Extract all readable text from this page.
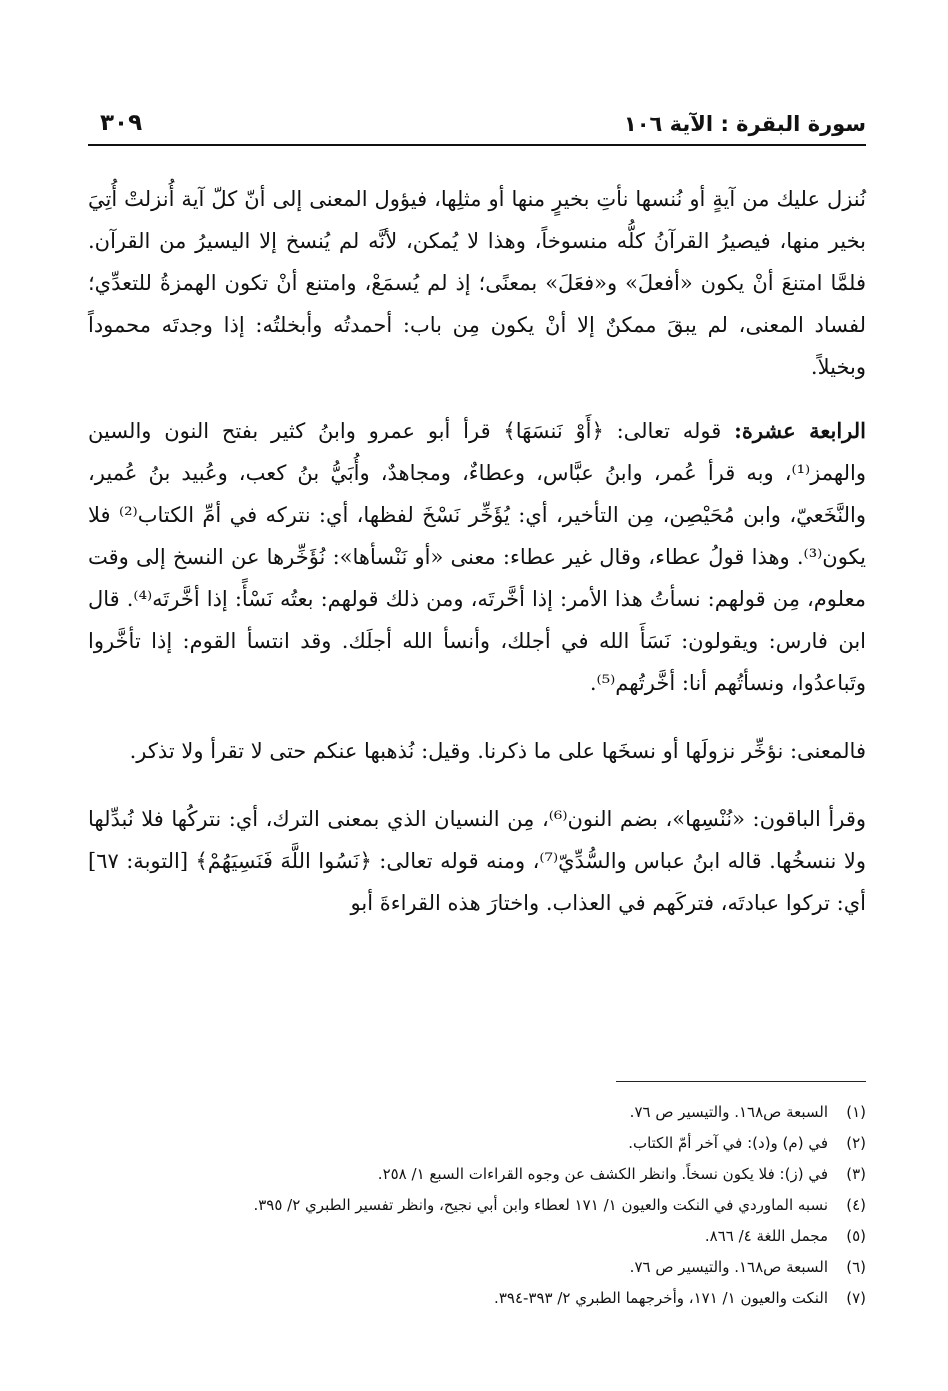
سورة البقرة : الآية ١٠٦
٣٠٩

نُنزل عليك من آيةٍ أو نُنسها نأتِ بخيرٍ منها أو مثلِها، فيؤول المعنى إلى أنّ كلّ آية أُنزلتْ أُتِيَ بخير منها، فيصيرُ القرآنُ كلُّه منسوخاً، وهذا لا يُمكن، لأنَّه لم يُنسخ إلا اليسيرُ من القرآن. فلمَّا امتنعَ أنْ يكون «أفعلَ» و«فعَلَ» بمعنًى؛ إذ لم يُسمَعْ، وامتنع أنْ تكون الهمزةُ للتعدِّي؛ لفساد المعنى، لم يبقَ ممكنٌ إلا أنْ يكون مِن باب: أحمدتُه وأبخلتُه: إذا وجدتَه محموداً وبخيلاً.

الرابعة عشرة: قوله تعالى: ﴿أَوْ نَنسَهَا﴾ قرأ أبو عمرو وابنُ كثير بفتح النون والسين والهمز⁽¹⁾، وبه قرأ عُمر، وابنُ عبَّاس، وعطاءٌ، ومجاهدٌ، وأُبَيُّ بنُ كعب، وعُبيد بنُ عُمير، والنَّخَعيّ، وابن مُحَيْصِن، مِن التأخير، أي: يُؤَخِّر نَسْخَ لفظها، أي: نتركه في أمِّ الكتاب⁽²⁾ فلا يكون⁽³⁾. وهذا قولُ عطاء، وقال غير عطاء: معنى «أو نَنْسأها»: نُؤَخِّرها عن النسخ إلى وقت معلوم، مِن قولهم: نسأتُ هذا الأمر: إذا أخَّرتَه، ومن ذلك قولهم: بعتُه نَسْأً: إذا أخَّرتَه⁽⁴⁾. قال ابن فارس: ويقولون: نَسَأَ الله في أجلك، وأنسأ الله أجلَك. وقد انتسأ القوم: إذا تأخَّروا وتَباعدُوا، ونسأتُهم أنا: أخَّرتُهم⁽⁵⁾.

فالمعنى: نؤخِّر نزولَها أو نسخَها على ما ذكرنا. وقيل: نُذهبها عنكم حتى لا تقرأ ولا تذكر.

وقرأ الباقون: «نُنْسِها»، بضم النون⁽⁶⁾، مِن النسيان الذي بمعنى الترك، أي: نتركُها فلا نُبدِّلها ولا ننسخُها. قاله ابنُ عباس والسُّدِّيّ⁽⁷⁾، ومنه قوله تعالى: ﴿نَسُوا اللَّهَ فَنَسِيَهُمْ﴾ [التوبة: ٦٧] أي: تركوا عبادتَه، فتركَهم في العذاب. واختارَ هذه القراءةَ أبو

(١)
السبعة ص١٦٨. والتيسير ص ٧٦.
(٢)
في (م) و(د): في آخر أمّ الكتاب.
(٣)
في (ز): فلا يكون نسخاً. وانظر الكشف عن وجوه القراءات السبع ١/ ٢٥٨.
(٤)
نسبه الماوردي في النكت والعيون ١/ ١٧١ لعطاء وابن أبي نجيح، وانظر تفسير الطبري ٢/ ٣٩٥.
(٥)
مجمل اللغة ٤/ ٨٦٦.
(٦)
السبعة ص١٦٨. والتيسير ص ٧٦.
(٧)
النكت والعيون ١/ ١٧١، وأخرجهما الطبري ٢/ ٣٩٣-٣٩٤.
